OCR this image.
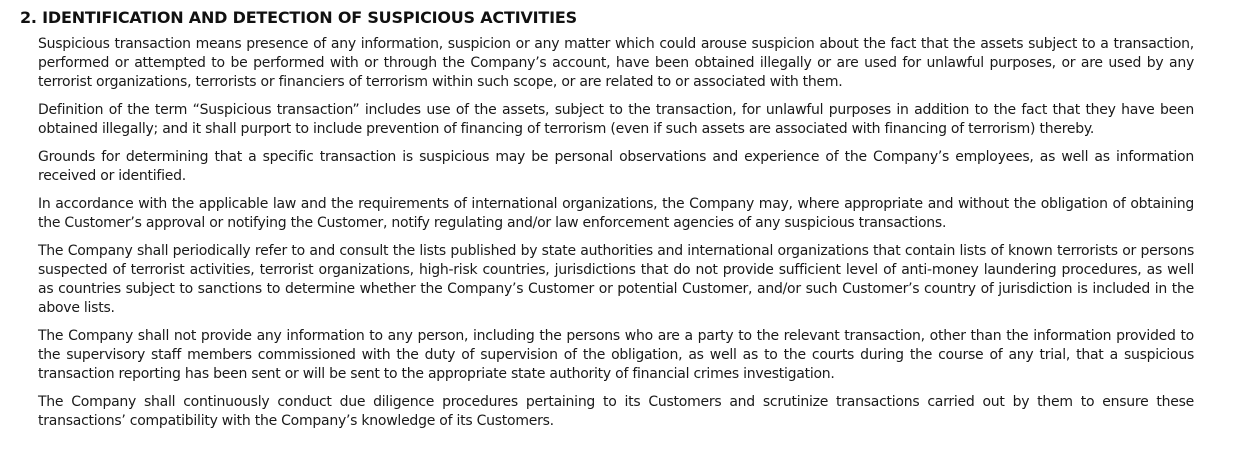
2. IDENTIFICATION AND DETECTION OF SUSPICIOUS ACTIVITIES

Suspicious transaction means presence of any information, suspicion or any matter which could arouse suspicion about the fact that the assets subject to a transaction, performed or attempted to be performed with or through the Company’s account, have been obtained illegally or are used for unlawful purposes, or are used by any terrorist organizations, terrorists or financiers of terrorism within such scope, or are related to or associated with them.

Definition of the term “Suspicious transaction” includes use of the assets, subject to the transaction, for unlawful purposes in addition to the fact that they have been obtained illegally; and it shall purport to include prevention of financing of terrorism (even if such assets are associated with financing of terrorism) thereby.

Grounds for determining that a specific transaction is suspicious may be personal observations and experience of the Company’s employees, as well as information received or identified.

In accordance with the applicable law and the requirements of international organizations, the Company may, where appropriate and without the obligation of obtaining the Customer’s approval or notifying the Customer, notify regulating and/or law enforcement agencies of any suspicious transactions.

The Company shall periodically refer to and consult the lists published by state authorities and international organizations that contain lists of known terrorists or persons suspected of terrorist activities, terrorist organizations, high-risk countries, jurisdictions that do not provide sufficient level of anti-money laundering procedures, as well as countries subject to sanctions to determine whether the Company’s Customer or potential Customer, and/or such Customer’s country of jurisdiction is included in the above lists.

The Company shall not provide any information to any person, including the persons who are a party to the relevant transaction, other than the information provided to the supervisory staff members commissioned with the duty of supervision of the obligation, as well as to the courts during the course of any trial, that a suspicious transaction reporting has been sent or will be sent to the appropriate state authority of financial crimes investigation.

The Company shall continuously conduct due diligence procedures pertaining to its Customers and scrutinize transactions carried out by them to ensure these transactions’ compatibility with the Company’s knowledge of its Customers.
